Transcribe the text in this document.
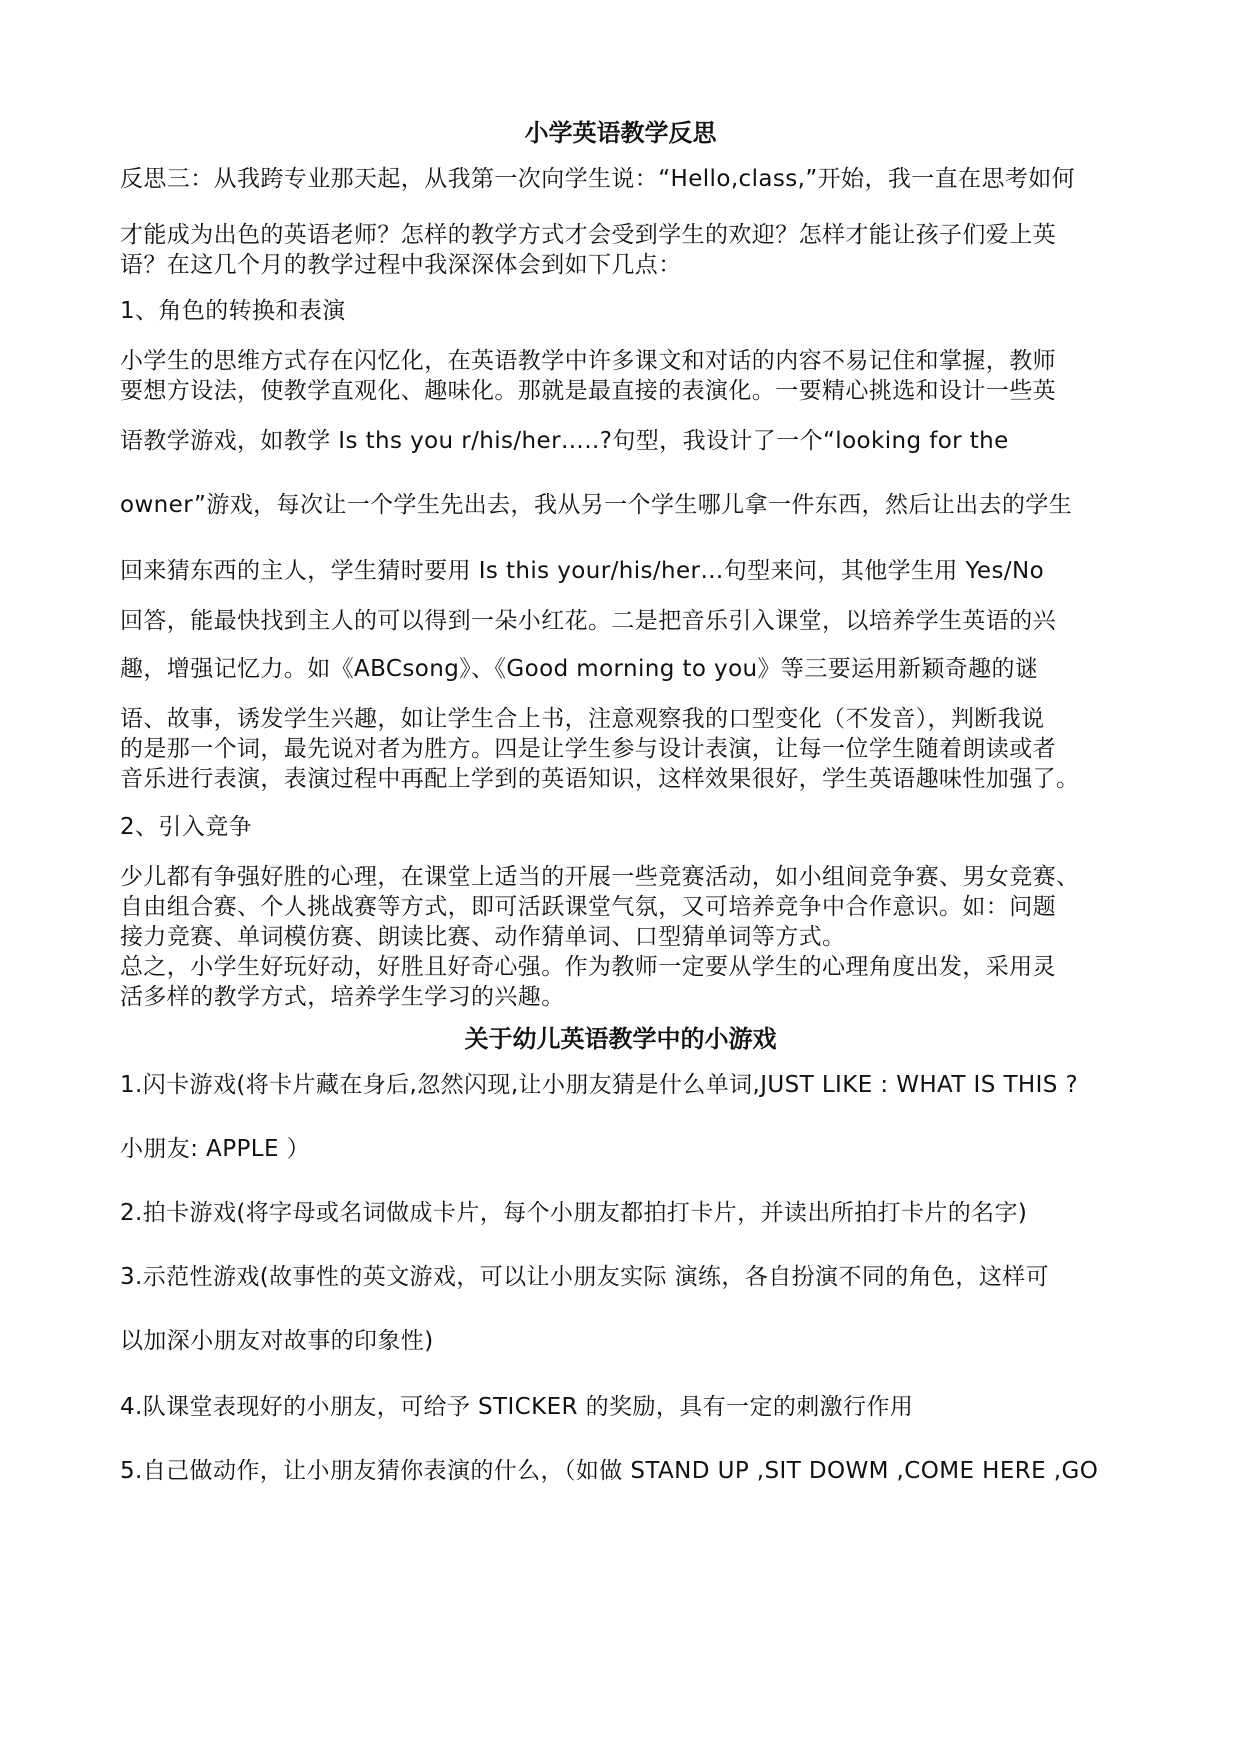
小学英语教学反思
反思三：从我跨专业那天起，从我第一次向学生说：“Hello,class,”开始，我一直在思考如何
才能成为出色的英语老师？怎样的教学方式才会受到学生的欢迎？怎样才能让孩子们爱上英
语？在这几个月的教学过程中我深深体会到如下几点：
1、角色的转换和表演
小学生的思维方式存在闪忆化，在英语教学中许多课文和对话的内容不易记住和掌握，教师
要想方设法，使教学直观化、趣味化。那就是最直接的表演化。一要精心挑选和设计一些英
语教学游戏，如教学 Is ths you r/his/her…..?句型，我设计了一个“looking for the
owner”游戏，每次让一个学生先出去，我从另一个学生哪儿拿一件东西，然后让出去的学生
回来猜东西的主人，学生猜时要用 Is this your/his/her…句型来问，其他学生用 Yes/No
回答，能最快找到主人的可以得到一朵小红花。二是把音乐引入课堂，以培养学生英语的兴
趣，增强记忆力。如《ABCsong》、《Good morning to you》等三要运用新颖奇趣的谜
语、故事，诱发学生兴趣，如让学生合上书，注意观察我的口型变化（不发音），判断我说
的是那一个词，最先说对者为胜方。四是让学生参与设计表演，让每一位学生随着朗读或者
音乐进行表演，表演过程中再配上学到的英语知识，这样效果很好，学生英语趣味性加强了。
2、引入竞争
少儿都有争强好胜的心理，在课堂上适当的开展一些竞赛活动，如小组间竞争赛、男女竞赛、
自由组合赛、个人挑战赛等方式，即可活跃课堂气氛，又可培养竞争中合作意识。如：问题
接力竞赛、单词模仿赛、朗读比赛、动作猜单词、口型猜单词等方式。
总之，小学生好玩好动，好胜且好奇心强。作为教师一定要从学生的心理角度出发，采用灵
活多样的教学方式，培养学生学习的兴趣。
关于幼儿英语教学中的小游戏
1.闪卡游戏(将卡片藏在身后,忽然闪现,让小朋友猜是什么单词,JUST LIKE : WHAT IS THIS ?
小朋友: APPLE ）
2.拍卡游戏(将字母或名词做成卡片，每个小朋友都拍打卡片，并读出所拍打卡片的名字)
3.示范性游戏(故事性的英文游戏，可以让小朋友实际 演练，各自扮演不同的角色，这样可
以加深小朋友对故事的印象性)
4.队课堂表现好的小朋友，可给予 STICKER 的奖励，具有一定的刺激行作用
5.自己做动作，让小朋友猜你表演的什么，（如做 STAND UP ,SIT DOWM ,COME HERE ,GO
